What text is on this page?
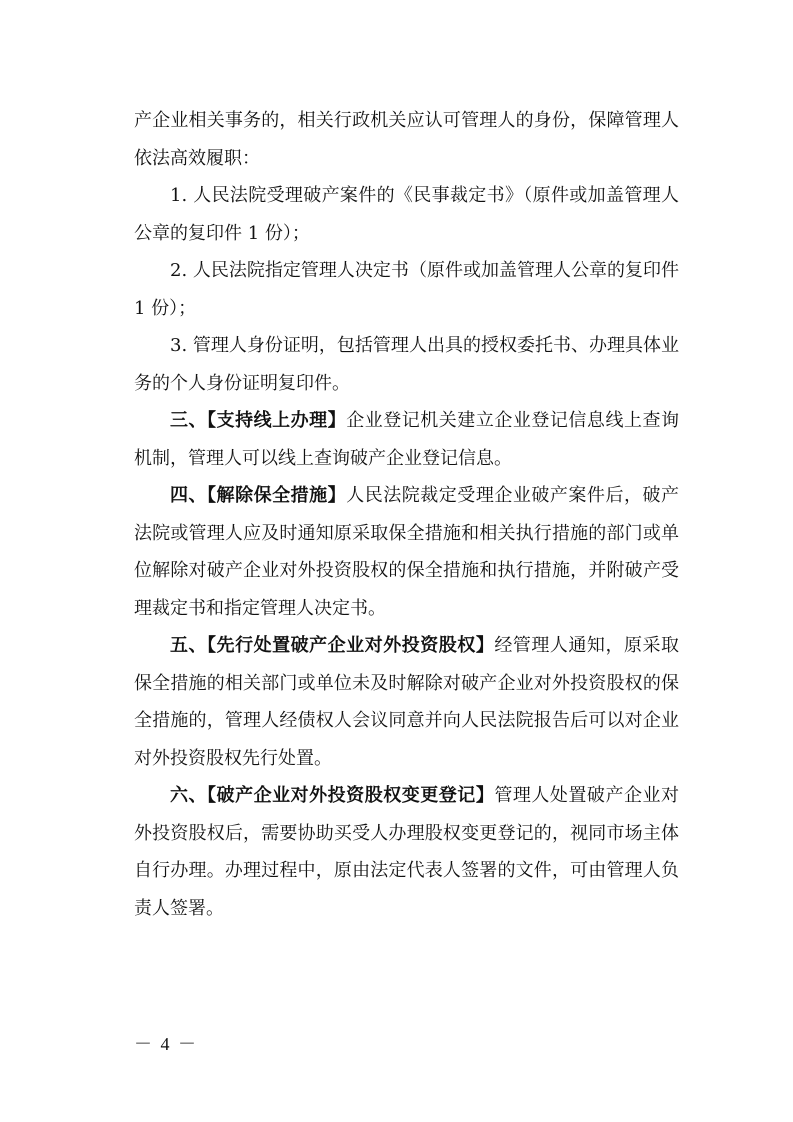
产企业相关事务的，相关行政机关应认可管理人的身份，保障管理人依法高效履职：

1. 人民法院受理破产案件的《民事裁定书》（原件或加盖管理人公章的复印件 1 份）；

2. 人民法院指定管理人决定书（原件或加盖管理人公章的复印件 1 份）；

3. 管理人身份证明，包括管理人出具的授权委托书、办理具体业务的个人身份证明复印件。

三、【支持线上办理】企业登记机关建立企业登记信息线上查询机制，管理人可以线上查询破产企业登记信息。

四、【解除保全措施】人民法院裁定受理企业破产案件后，破产法院或管理人应及时通知原采取保全措施和相关执行措施的部门或单位解除对破产企业对外投资股权的保全措施和执行措施，并附破产受理裁定书和指定管理人决定书。

五、【先行处置破产企业对外投资股权】经管理人通知，原采取保全措施的相关部门或单位未及时解除对破产企业对外投资股权的保全措施的，管理人经债权人会议同意并向人民法院报告后可以对企业对外投资股权先行处置。

六、【破产企业对外投资股权变更登记】管理人处置破产企业对外投资股权后，需要协助买受人办理股权变更登记的，视同市场主体自行办理。办理过程中，原由法定代表人签署的文件，可由管理人负责人签署。

－ 4 －
